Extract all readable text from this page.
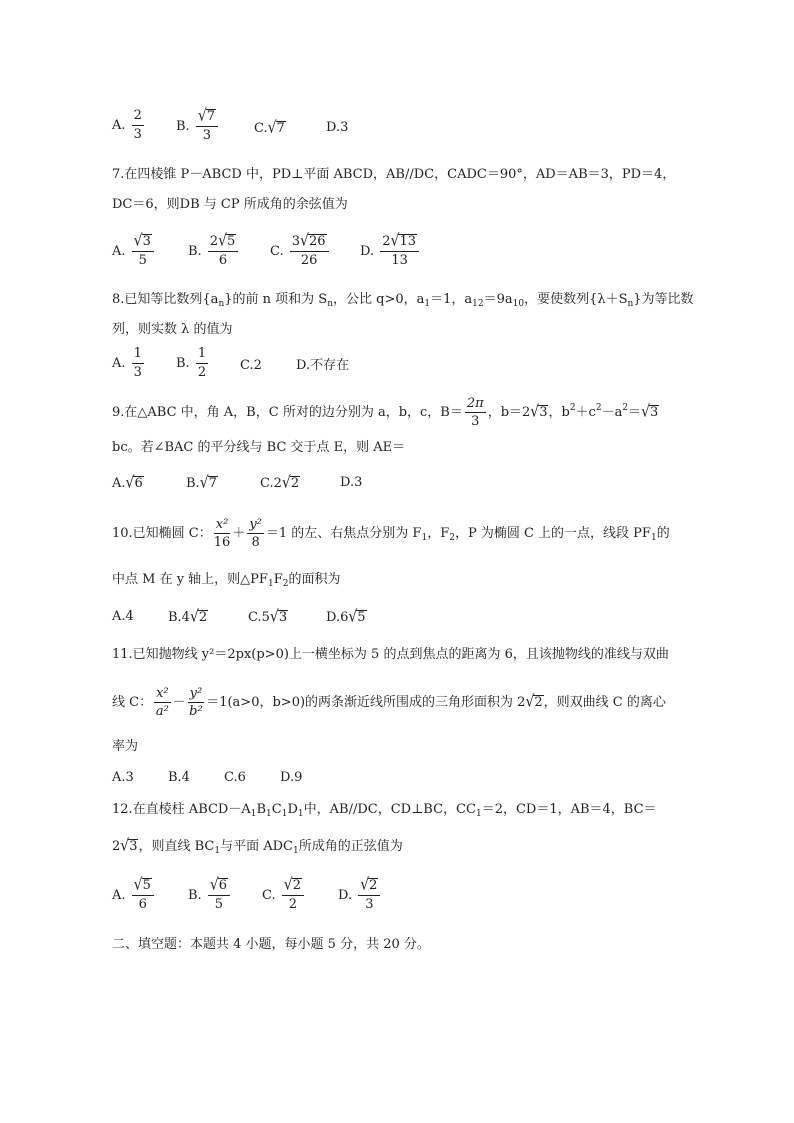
A. $\frac{2}{3} B$. $\frac{√7}{3}$	C.√7	D.3
7.在四棱锥 P－ABCD 中，PD⊥平面 ABCD，AB//DC，CADC＝90°，AD＝AB＝3，PD＝4，
DC＝6，则DB 与 CP 所成角的余弦值为
A. $\frac{√3}{5}$	B. $\frac{2√5}{6} C$. $\frac{3√26}{26} D$. $\frac{2√13}{13}$
8.已知等比数列$\{a_n\}$的前 n 项和为 $S_n$，公比 q>0，$a_1=1$，$a_{12}=9a_{10}$，要使数列$\{\lambda+S_n\}$为等比数
列，则实数 λ 的值为
A. $\frac{1}{3} B$. $\frac{1}{2} C.2$	D.不存在
9.在△ABC 中，角 A，B，C 所对的边分别为 a，b，c，$B= \frac{2\pi}{3}$ ，b＝2√3，$b^2+c^2-a^2=√3$
bc。若∠BAC 的平分线与 BC 交于点 E，则 AE＝
A.√6	B.√7	C.2√2	D.3
10.已知椭圆 C： $\frac{\text{x²}}{16} + \frac{\text{y²}}{8} =1$ 的左、右焦点分别为 $F_1$，$F_2$，P 为椭圆 C 上的一点，线段 $PF_1$的
中点 M 在 y 轴上，则$\triangle PF_1F_2$的面积为
A.4	B.4√2	C.5√3	D.6√5
11.已知抛物线 y²＝2px(p>0)上一横坐标为 5 的点到焦点的距离为 6，且该抛物线的准线与双曲
线 C： $\frac{\text{x²}}{\text{a²}} - \frac{\text{y²}}{\text{b²}} =1(a>0$，b>0)的两条渐近线所围成的三角形面积为 2√2，则双曲线 C 的离心
率为
A.3	B.4	C.6	D.9
12.在直棱柱 $ABCD-A_1B_1C_1D_1$中，AB//DC，CD⊥BC，$CC_1=2$，CD＝1，AB＝4，BC＝
2√3，则直线 $BC_1$与平面 $ADC_1$所成角的正弦值为
A. $\frac{√5}{6}$	B. $\frac{√6}{5} C$. $\frac{√2}{2}$	D. $\frac{√2}{3}$
二、填空题：本题共 4 小题，每小题 5 分，共 20 分。
